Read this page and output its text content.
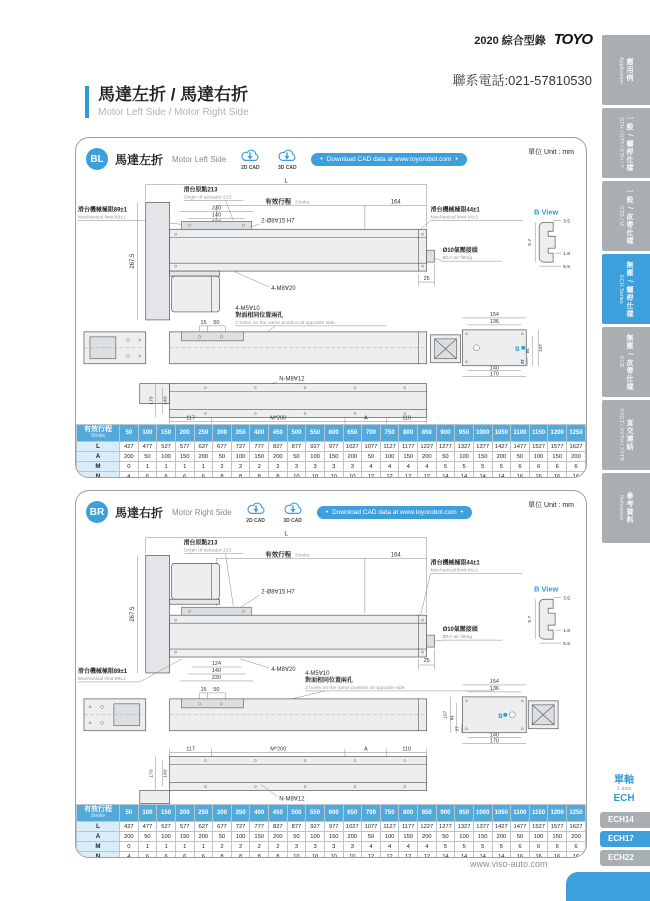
2020 綜合型錄 TOYO
聯系電話:021-57810530
馬達左折 / 馬達右折
Motor Left Side / Motor Right Side
BL 馬達左折 Motor Left Side
2D CAD	3D CAD
• Download CAD data at www.toyorobot.com
•
單位 Unit : mm
L
滑台原點213
Origin of actuator:213
有效行程 Stroke	164
滑台機械極限89±1
Mechanical limit:89±1
滑台機械極限44±1
Mechanical limit:44±1
230
140
2-Ø8∀15 H7
267.5
4-M8∀20
Ø10氣壓接頭
Ø10 air fitting
25
B View
3.5
5.7
1.8
5.5
15 50
4-M5∀10
對面相同位置兩孔
2 holes on the same position at opposite side.
154
136
B	107
84
27
140
170
N-M8∀12
170 140
117	M*200	A	110
有效行程
Stroke	50	100	150	200	250	300	350	400	450	500	550	600	650	700	750	800	850	900	950	1000	1050	1100	1150	1200	1250
L	427	477	527	577	627	677	727	777	827	877	927	977	1027	1077	1127	1177	1227	1277	1327	1377	1427	1477	1527	1577	1627
A	200	50	100	150	200	50	100	150	200	50	100	150	200	50	100	150	200	50	100	150	200	50	100	150	200
M	0	1	1	1	1	2	2	2	2	3	3	3	3	4	4	4	4	5	5	5	5	6	6	6	6
N	4	6	6	6	6	8	8	8	8	10	10	10	10	12	12	12	12	14	14	14	14	16	16	16	16

BR 馬達右折 Motor Right Side
2D CAD	3D CAD
• Download CAD data at www.toyorobot.com
•
單位 Unit : mm
L
滑台原點213
Origin of actuator:213
有效行程 Stroke	164
滑台機械極限44±1
Mechanical limit:44±1
2-Ø8∀15 H7
267.5
Ø10氣壓接頭
Ø10 air fitting
25
124
140
230
4-M8∀20
滑台機械極限89±1
Mechanical limit:89±1
B View
3.5
5.7
1.8
5.5
15 50
4-M5∀10
對面相同位置兩孔
2 holes on the same position at opposite side.
154
136
B
107 84
27
140
170
117	M*200	A	110
170 140
N-M8∀12
有效行程
Stroke	50	100	150	200	250	300	350	400	450	500	550	600	650	700	750	800	850	900	950	1000	1050	1100	1150	1200	1250
L	427	477	527	577	627	677	727	777	827	877	927	977	1027	1077	1127	1177	1227	1277	1327	1377	1427	1477	1527	1577	1627
A	200	50	100	150	200	50	100	150	200	50	100	150	200	50	100	150	200	50	100	150	200	50	100	150	200
M	0	1	1	1	1	2	2	2	2	3	3	3	3	4	4	4	4	5	5	5	5	6	6	6	6
N	4	6	6	6	6	8	8	8	8	10	10	10	10	12	12	12	12	14	14	14	14	16	16	16	16

應用例
Application
一般 / 螺桿仕樣
GTH / GTY / ETH / Y
一般 / 皮帶仕樣
ETB / M
無塵 / 螺桿仕樣
ECH Series
無塵 / 皮帶仕樣
ECB
直交連結
XYGT / XYTH / XYTB
參考資料
Reference
單軸
1 axis
ECH
ECH14
ECH17
ECH22
www.viso-auto.com
